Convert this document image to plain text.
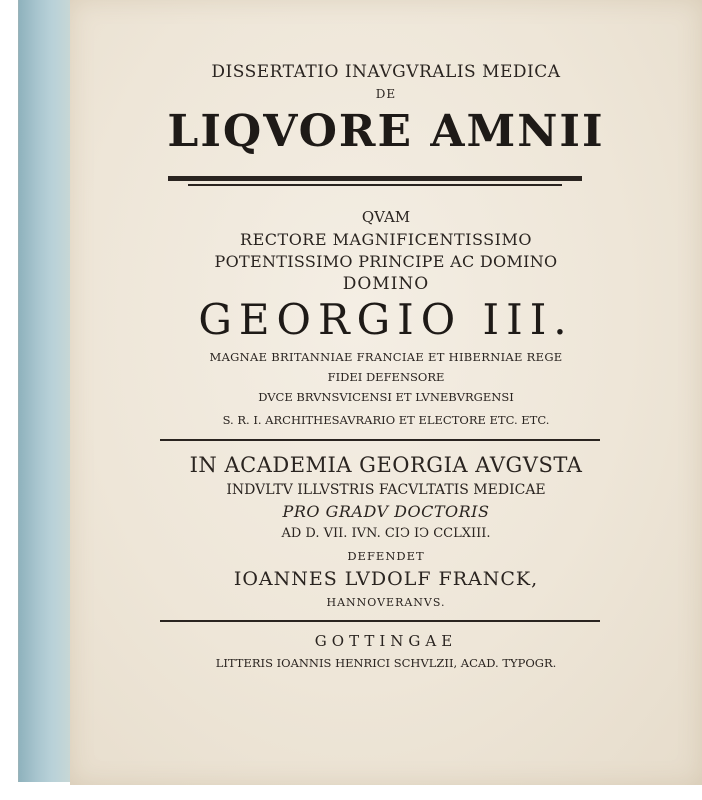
DISSERTATIO INAVGVRALIS MEDICA
DE
LIQVORE AMNII
QVAM
RECTORE MAGNIFICENTISSIMO
POTENTISSIMO PRINCIPE AC DOMINO
DOMINO
GEORGIO III.
MAGNAE BRITANNIAE FRANCIAE ET HIBERNIAE REGE
FIDEI DEFENSORE
DVCE BRVNSVICENSI ET LVNEBVRGENSI
S. R. I. ARCHITHESAVRARIO ET ELECTORE ETC. ETC.
IN ACADEMIA GEORGIA AVGVSTA
INDVLTV ILLVSTRIS FACVLTATIS MEDICAE
PRO GRADV DOCTORIS
AD D. VII. IVN. CIↃ IↃ CCLXIII.
DEFENDET
IOANNES LVDOLF FRANCK,
HANNOVERANVS.
GOTTINGAE
LITTERIS IOANNIS HENRICI SCHVLZII, ACAD. TYPOGR.
